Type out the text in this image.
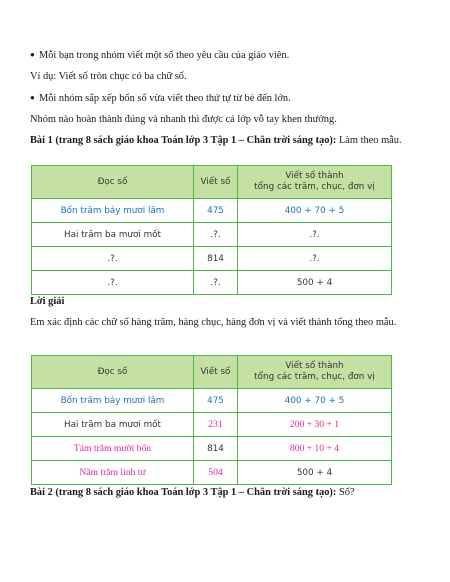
● Mỗi bạn trong nhóm viết một số theo yêu cầu của giáo viên.

Ví dụ: Viết số tròn chục có ba chữ số.

● Mỗi nhóm sắp xếp bốn số vừa viết theo thứ tự từ bé đến lớn.

Nhóm nào hoàn thành đúng và nhanh thì được cả lớp vỗ tay khen thưởng.

Bài 1 (trang 8 sách giáo khoa Toán lớp 3 Tập 1 – Chân trời sáng tạo): Làm theo mẫu.

Đọc số	Viết số	Viết số thành
tổng các trăm, chục, đơn vị
Bốn trăm bảy mươi lăm	475	400 + 70 + 5
Hai trăm ba mươi mốt	.?.	.?.
.?.	814	.?.
.?.	.?.	500 + 4

Lời giải

Em xác định các chữ số hàng trăm, hàng chục, hàng đơn vị và viết thành tổng theo mẫu.

Đọc số	Viết số	Viết số thành
tổng các trăm, chục, đơn vị
Bốn trăm bảy mươi lăm	475	400 + 70 + 5
Hai trăm ba mươi mốt	231	200 + 30 + 1
Tám trăm mười bốn	814	800 + 10 + 4
Năm trăm linh tư	504	500 + 4

Bài 2 (trang 8 sách giáo khoa Toán lớp 3 Tập 1 – Chân trời sáng tạo): Số?
